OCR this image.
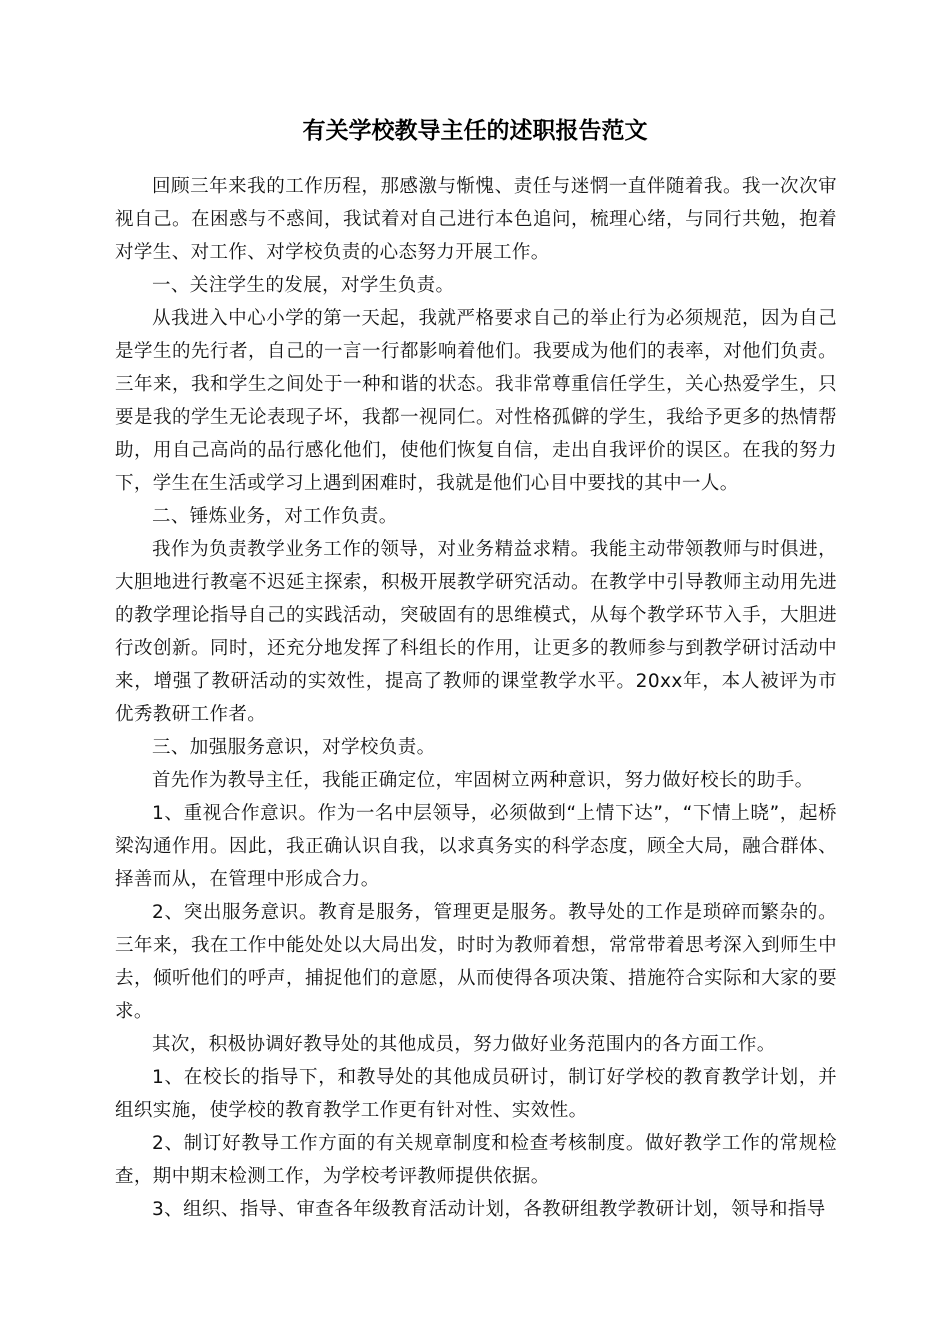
有关学校教导主任的述职报告范文

回顾三年来我的工作历程，那感激与惭愧、责任与迷惘一直伴随着我。我一次次审视自己。在困惑与不惑间，我试着对自己进行本色追问，梳理心绪，与同行共勉，抱着对学生、对工作、对学校负责的心态努力开展工作。

一、关注学生的发展，对学生负责。

从我进入中心小学的第一天起，我就严格要求自己的举止行为必须规范，因为自己是学生的先行者，自己的一言一行都影响着他们。我要成为他们的表率，对他们负责。三年来，我和学生之间处于一种和谐的状态。我非常尊重信任学生，关心热爱学生，只要是我的学生无论表现子坏，我都一视同仁。对性格孤僻的学生，我给予更多的热情帮助，用自己高尚的品行感化他们，使他们恢复自信，走出自我评价的误区。在我的努力下，学生在生活或学习上遇到困难时，我就是他们心目中要找的其中一人。

二、锤炼业务，对工作负责。

我作为负责教学业务工作的领导，对业务精益求精。我能主动带领教师与时俱进，大胆地进行教毫不迟延主探索，积极开展教学研究活动。在教学中引导教师主动用先进的教学理论指导自己的实践活动，突破固有的思维模式，从每个教学环节入手，大胆进行改创新。同时，还充分地发挥了科组长的作用，让更多的教师参与到教学研讨活动中来，增强了教研活动的实效性，提高了教师的课堂教学水平。20xx年，本人被评为市优秀教研工作者。

三、加强服务意识，对学校负责。

首先作为教导主任，我能正确定位，牢固树立两种意识，努力做好校长的助手。

1、重视合作意识。作为一名中层领导，必须做到“上情下达”，“下情上晓”，起桥梁沟通作用。因此，我正确认识自我，以求真务实的科学态度，顾全大局，融合群体、择善而从，在管理中形成合力。

2、突出服务意识。教育是服务，管理更是服务。教导处的工作是琐碎而繁杂的。三年来，我在工作中能处处以大局出发，时时为教师着想，常常带着思考深入到师生中去，倾听他们的呼声，捕捉他们的意愿，从而使得各项决策、措施符合实际和大家的要求。

其次，积极协调好教导处的其他成员，努力做好业务范围内的各方面工作。

1、在校长的指导下，和教导处的其他成员研讨，制订好学校的教育教学计划，并组织实施，使学校的教育教学工作更有针对性、实效性。

2、制订好教导工作方面的有关规章制度和检查考核制度。做好教学工作的常规检查，期中期末检测工作，为学校考评教师提供依据。

3、组织、指导、审查各年级教育活动计划，各教研组教学教研计划，领导和指导
